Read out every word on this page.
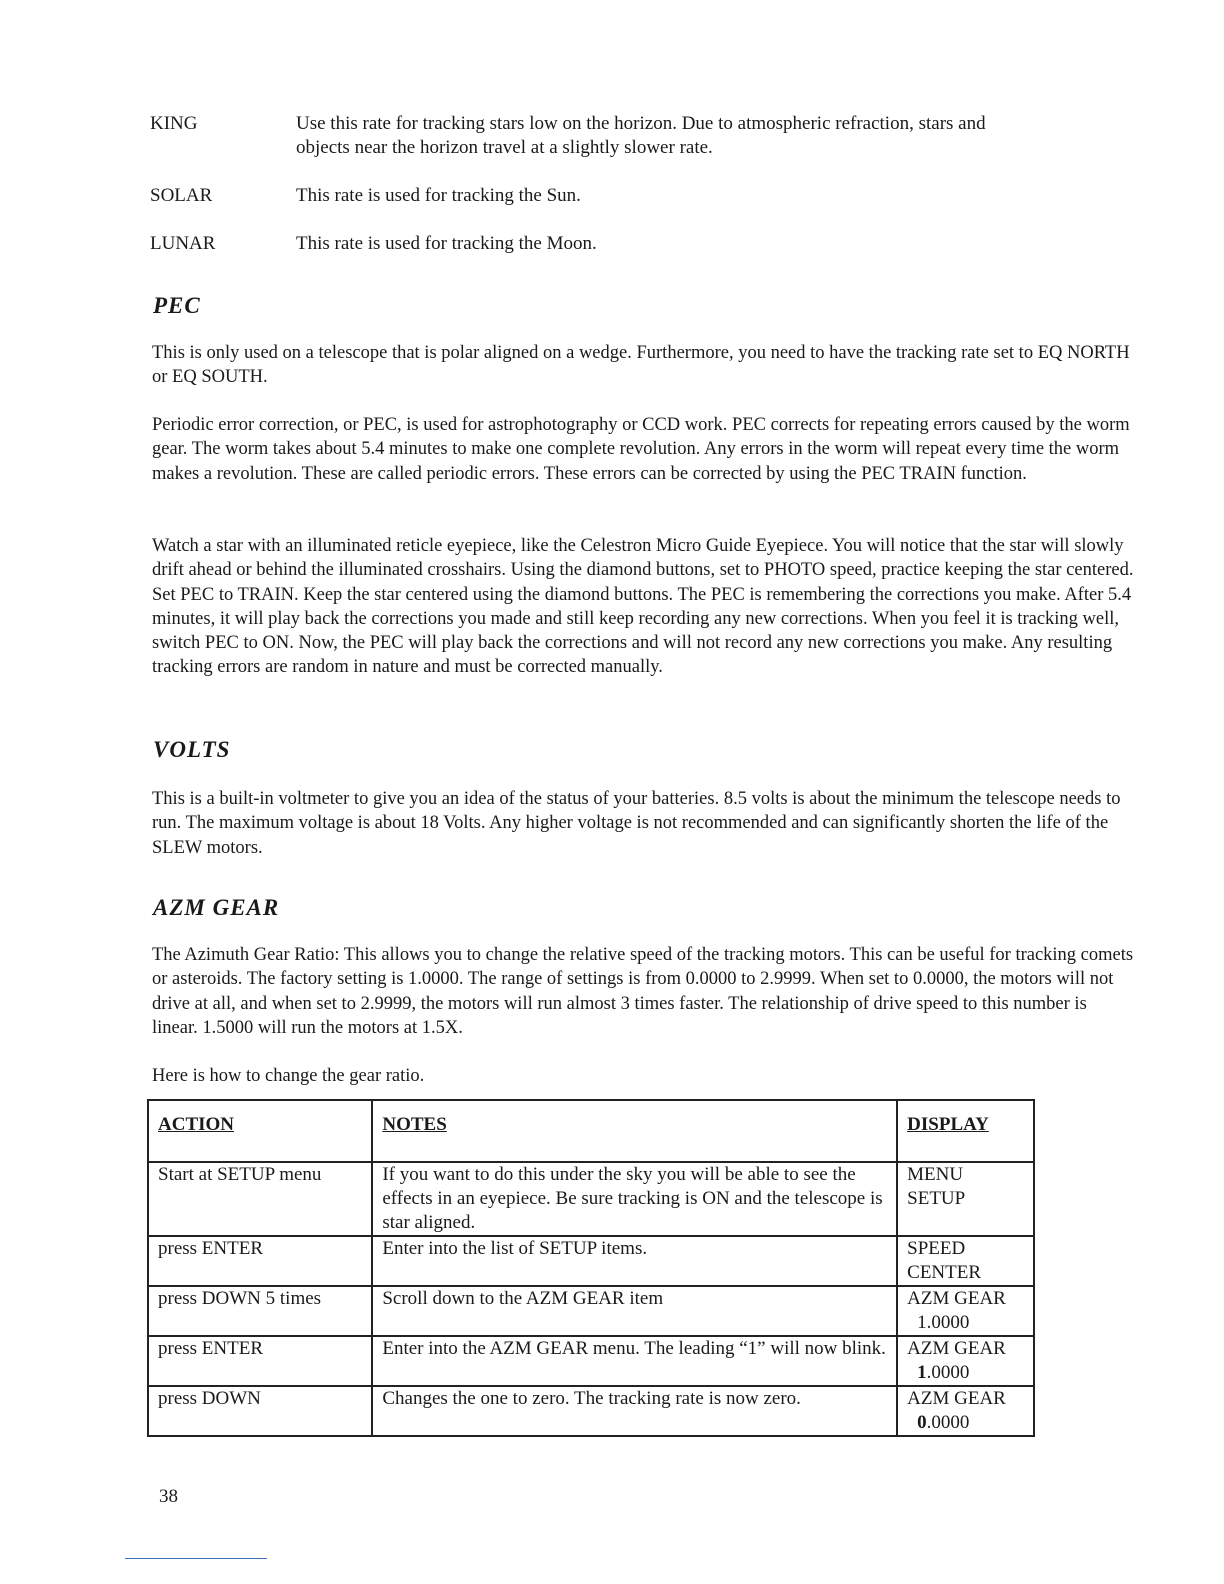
KING	Use this rate for tracking stars low on the horizon. Due to atmospheric refraction, stars and objects near the horizon travel at a slightly slower rate.
SOLAR	This rate is used for tracking the Sun.
LUNAR	This rate is used for tracking the Moon.
PEC

This is only used on a telescope that is polar aligned on a wedge. Furthermore, you need to have the tracking rate set to EQ NORTH or EQ SOUTH.

Periodic error correction, or PEC, is used for astrophotography or CCD work. PEC corrects for repeating errors caused by the worm gear. The worm takes about 5.4 minutes to make one complete revolution. Any errors in the worm will repeat every time the worm makes a revolution. These are called periodic errors. These errors can be corrected by using the PEC TRAIN function.

Watch a star with an illuminated reticle eyepiece, like the Celestron Micro Guide Eyepiece. You will notice that the star will slowly drift ahead or behind the illuminated crosshairs. Using the diamond buttons, set to PHOTO speed, practice keeping the star centered. Set PEC to TRAIN. Keep the star centered using the diamond buttons. The PEC is remembering the corrections you make. After 5.4 minutes, it will play back the corrections you made and still keep recording any new corrections. When you feel it is tracking well, switch PEC to ON. Now, the PEC will play back the corrections and will not record any new corrections you make. Any resulting tracking errors are random in nature and must be corrected manually.

VOLTS

This is a built-in voltmeter to give you an idea of the status of your batteries. 8.5 volts is about the minimum the telescope needs to run. The maximum voltage is about 18 Volts. Any higher voltage is not recommended and can significantly shorten the life of the SLEW motors.

AZM GEAR

The Azimuth Gear Ratio: This allows you to change the relative speed of the tracking motors. This can be useful for tracking comets or asteroids. The factory setting is 1.0000. The range of settings is from 0.0000 to 2.9999. When set to 0.0000, the motors will not drive at all, and when set to 2.9999, the motors will run almost 3 times faster. The relationship of drive speed to this number is linear. 1.5000 will run the motors at 1.5X.

Here is how to change the gear ratio.

ACTION	NOTES	DISPLAY
Start at SETUP menu	If you want to do this under the sky you will be able to see the effects in an eyepiece. Be sure tracking is ON and the telescope is star aligned.	MENU
SETUP

press ENTER	Enter into the list of SETUP items.	SPEED
CENTER

press DOWN 5 times	Scroll down to the AZM GEAR item	AZM GEAR
1.0000

press ENTER	Enter into the AZM GEAR menu. The leading “1” will now blink.	AZM GEAR
1.0000

press DOWN	Changes the one to zero. The tracking rate is now zero.	AZM GEAR
0.0000
38
